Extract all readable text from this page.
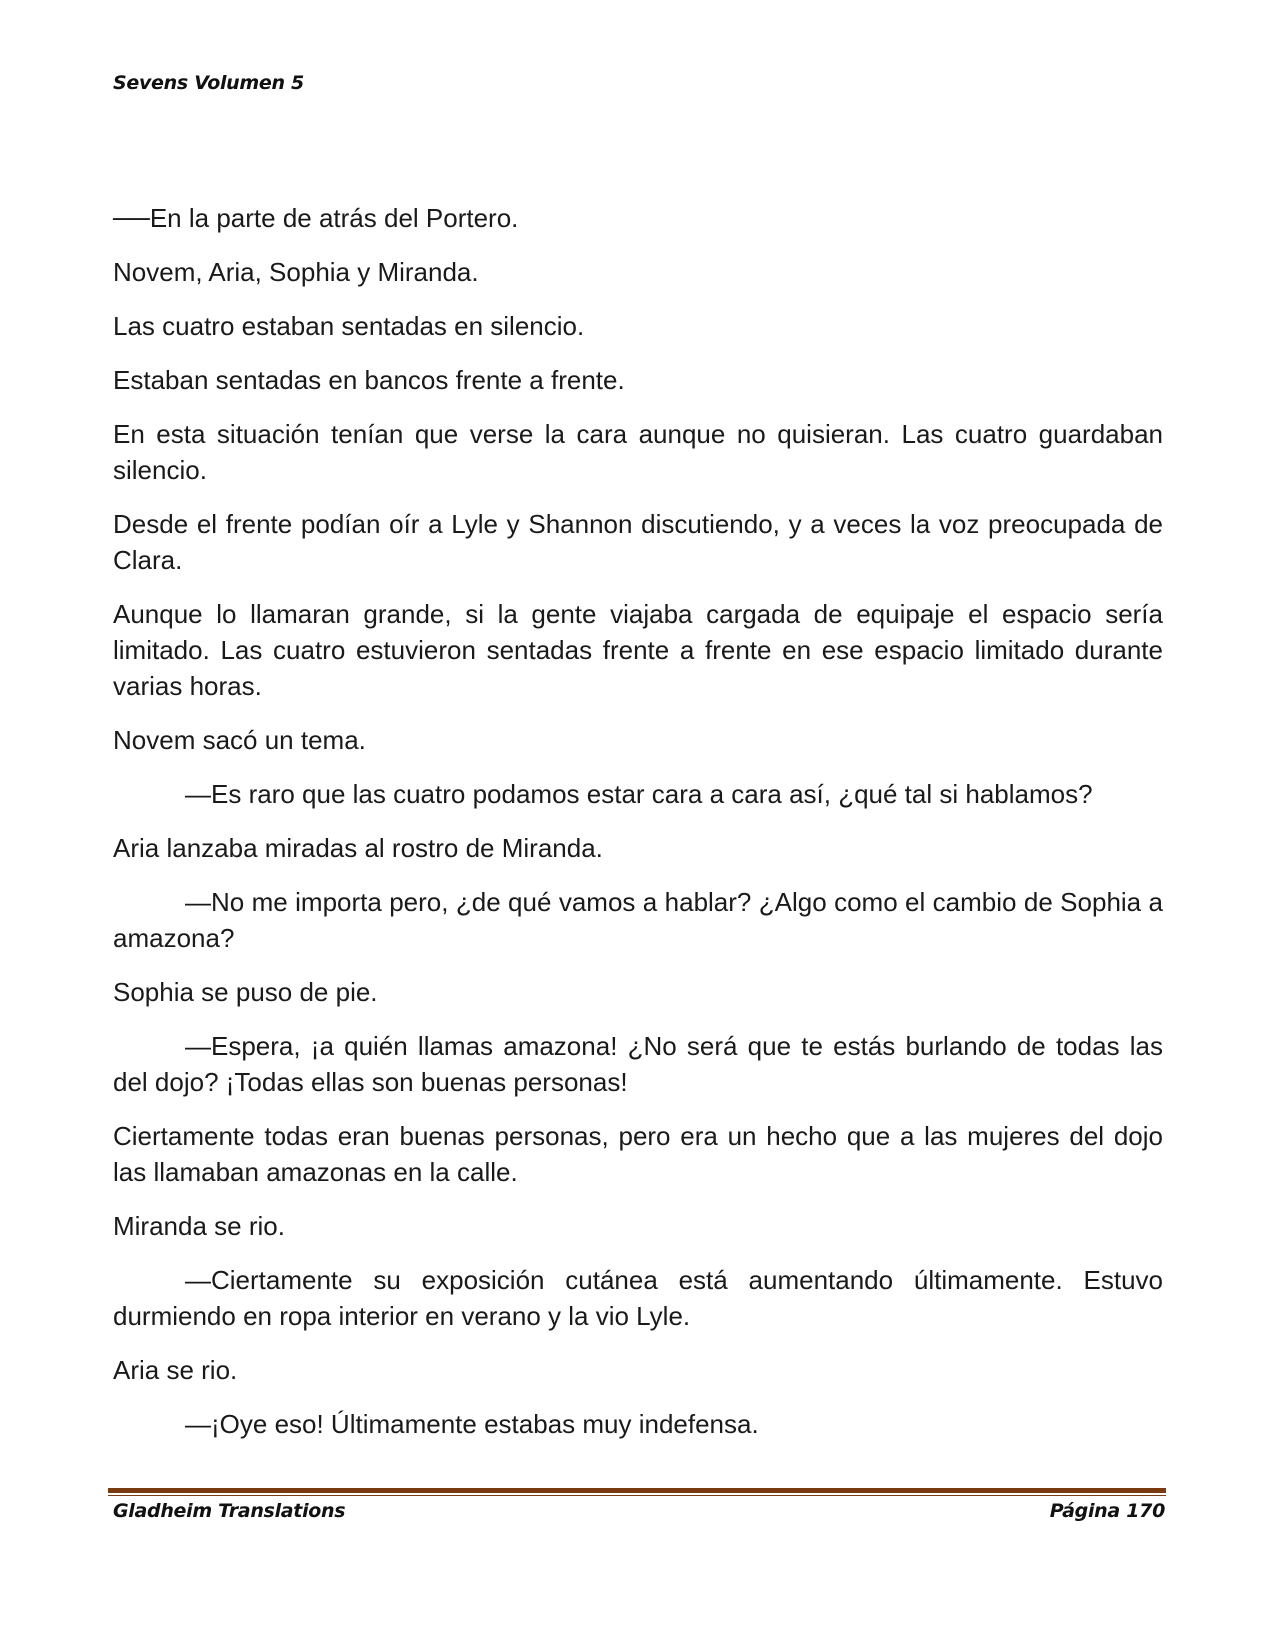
Sevens Volumen 5

──En la parte de atrás del Portero.

Novem, Aria, Sophia y Miranda.

Las cuatro estaban sentadas en silencio.

Estaban sentadas en bancos frente a frente.

En esta situación tenían que verse la cara aunque no quisieran. Las cuatro guardaban silencio.

Desde el frente podían oír a Lyle y Shannon discutiendo, y a veces la voz preocupada de Clara.

Aunque lo llamaran grande, si la gente viajaba cargada de equipaje el espacio sería limitado. Las cuatro estuvieron sentadas frente a frente en ese espacio limitado durante varias horas.

Novem sacó un tema.

—Es raro que las cuatro podamos estar cara a cara así, ¿qué tal si hablamos?

Aria lanzaba miradas al rostro de Miranda.

—No me importa pero, ¿de qué vamos a hablar? ¿Algo como el cambio de Sophia a amazona?

Sophia se puso de pie.

—Espera, ¡a quién llamas amazona! ¿No será que te estás burlando de todas las del dojo? ¡Todas ellas son buenas personas!

Ciertamente todas eran buenas personas, pero era un hecho que a las mujeres del dojo las llamaban amazonas en la calle.

Miranda se rio.

—Ciertamente su exposición cutánea está aumentando últimamente. Estuvo durmiendo en ropa interior en verano y la vio Lyle.

Aria se rio.

—¡Oye eso! Últimamente estabas muy indefensa.

Gladheim Translations	Página 170
